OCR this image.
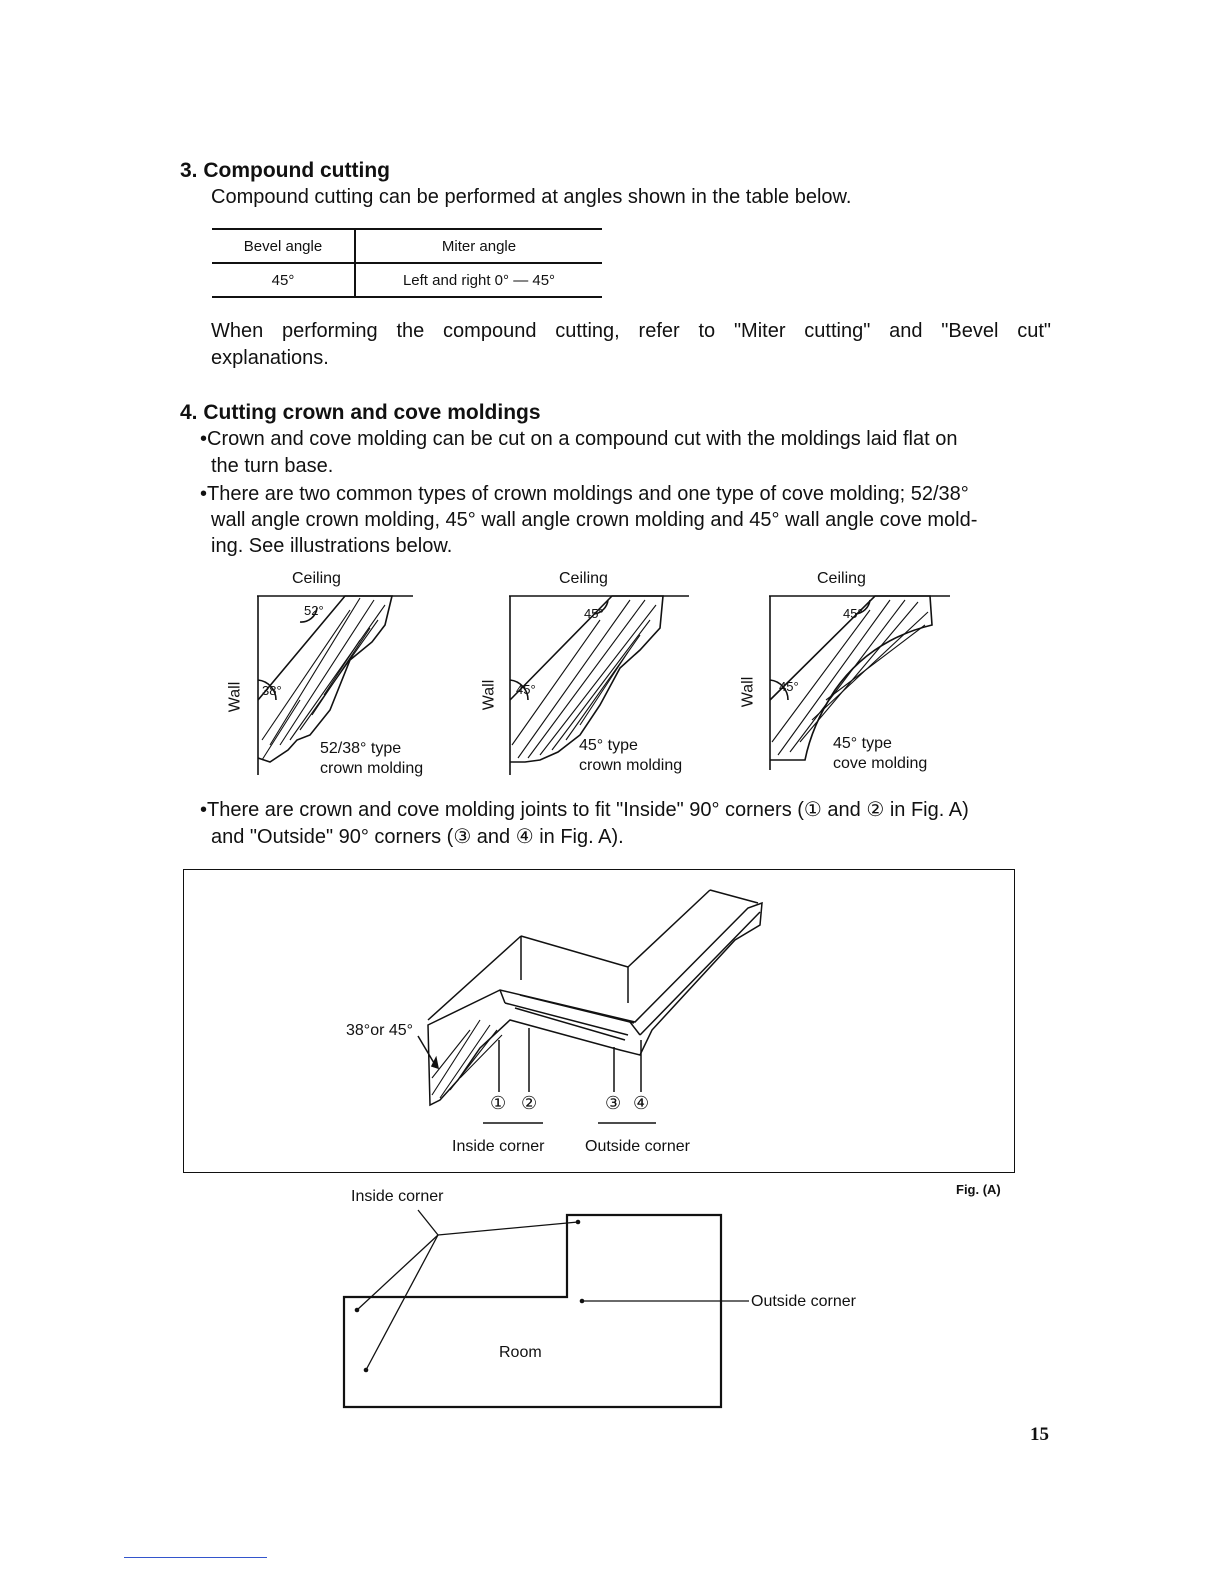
3. Compound cutting
Compound cutting can be performed at angles shown in the table below.
Bevel angle	Miter angle
45°	Left and right 0° — 45°
When performing the compound cutting, refer to "Miter cutting" and "Bevel cut"
explanations.
4. Cutting crown and cove moldings
•Crown and cove molding can be cut on a compound cut with the moldings laid flat on
the turn base.
•There are two common types of crown moldings and one type of cove molding; 52/38°
wall angle crown molding, 45° wall angle crown molding and 45° wall angle cove mold-
ing. See illustrations below.
Ceiling	Ceiling	Ceiling
Wall	Wall	Wall
52°
38°
52/38° type
crown molding
45°
45°
45° type
crown molding
45°
45°
45° type
cove molding
•There are crown and cove molding joints to fit "Inside" 90° corners (① and ② in Fig. A)
and "Outside" 90° corners (③ and ④ in Fig. A).
38°or 45°
① ②	③ ④
Inside corner	Outside corner
Fig. (A)
Inside corner
Outside corner
Room
15
